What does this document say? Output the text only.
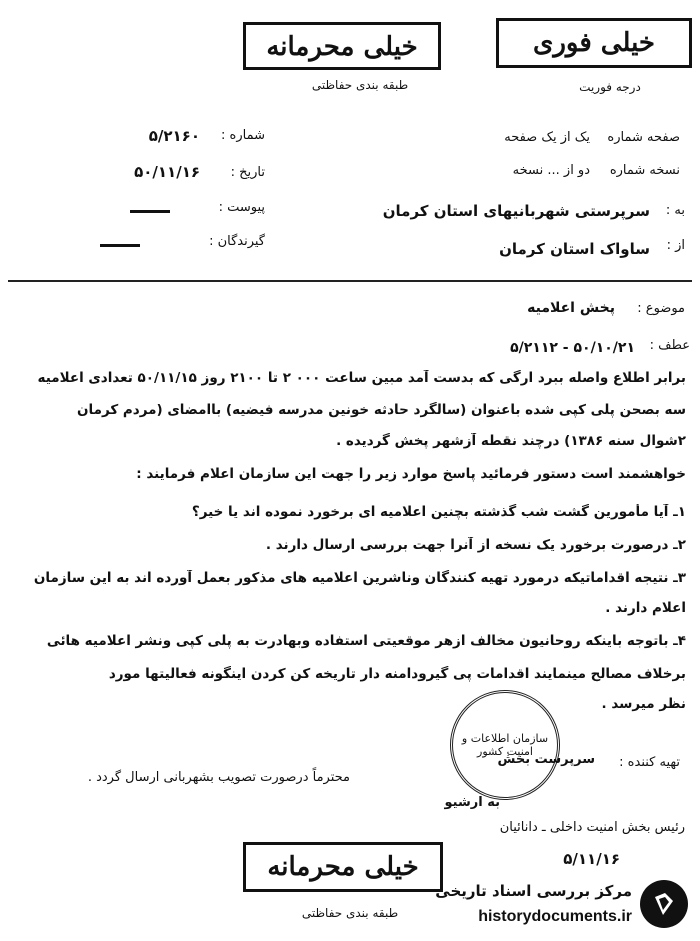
خیلی محرمانه
طبقه بندی حفاظتی
خیلی فوری
درجه فوریت
شماره :
۵/۲۱۶۰
تاریخ :
۵۰/۱۱/۱۶
پیوست :
گیرندگان :
صفحه شماره
یک از یک صفحه
نسخه شماره
دو از ... نسخه
به :
سرپرستی شهربانیهای استان کرمان
از :
ساواک استان کرمان
موضوع :
پخش اعلامیه
عطف :
۵۰/۱۰/۲۱ - ۵/۲۱۱۲
برابر اطلاع واصله ببرد ارگی که بدست آمد مبین ساعت ۰۰۰ ۲ تا ۲۱۰۰ روز ۵۰/۱۱/۱۵ تعدادی اعلامیه
سه بصحن پلی کپی شده باعنوان (سالگرد حادثه خونین مدرسه فیضیه) باامضای (مردم کرمان
۲شوال سنه ۱۳۸۶) درچند نقطه آزشهر پخش گردیده .
خواهشمند است دستور فرمائید پاسخ موارد زیر را جهت این سازمان اعلام فرمایند :
۱ـ آیا مأمورین گشت شب گذشته بچنین اعلامیه ای برخورد نموده اند یا خیر؟
۲ـ درصورت برخورد یک نسخه از آنرا جهت بررسی ارسال دارند .
۳ـ نتیجه اقداماتیکه درمورد تهیه کنندگان وناشرین اعلامیه های مذکور بعمل آورده اند به این سازمان
اعلام دارند .
۴ـ باتوجه باینکه روحانیون مخالف ازهر موقعیتی استفاده وبهادرت به پلی کپی ونشر اعلامیه هائی
برخلاف مصالح مینمایند اقدامات پی گیرودامنه دار تاریخه کن کردن اینگونه فعالیتها مورد
نظر میرسد .
سازمان اطلاعات و امنیت کشور
تهیه کننده :
سرپرست بخش
محترماً درصورت تصویب بشهربانی ارسال گردد .
به ارشیو
رئیس بخش امنیت داخلی ـ دانائیان
۵/۱۱/۱۶
خیلی محرمانه
طبقه بندی حفاظتی
مرکز بررسی اسناد تاریخی
historydocuments.ir
